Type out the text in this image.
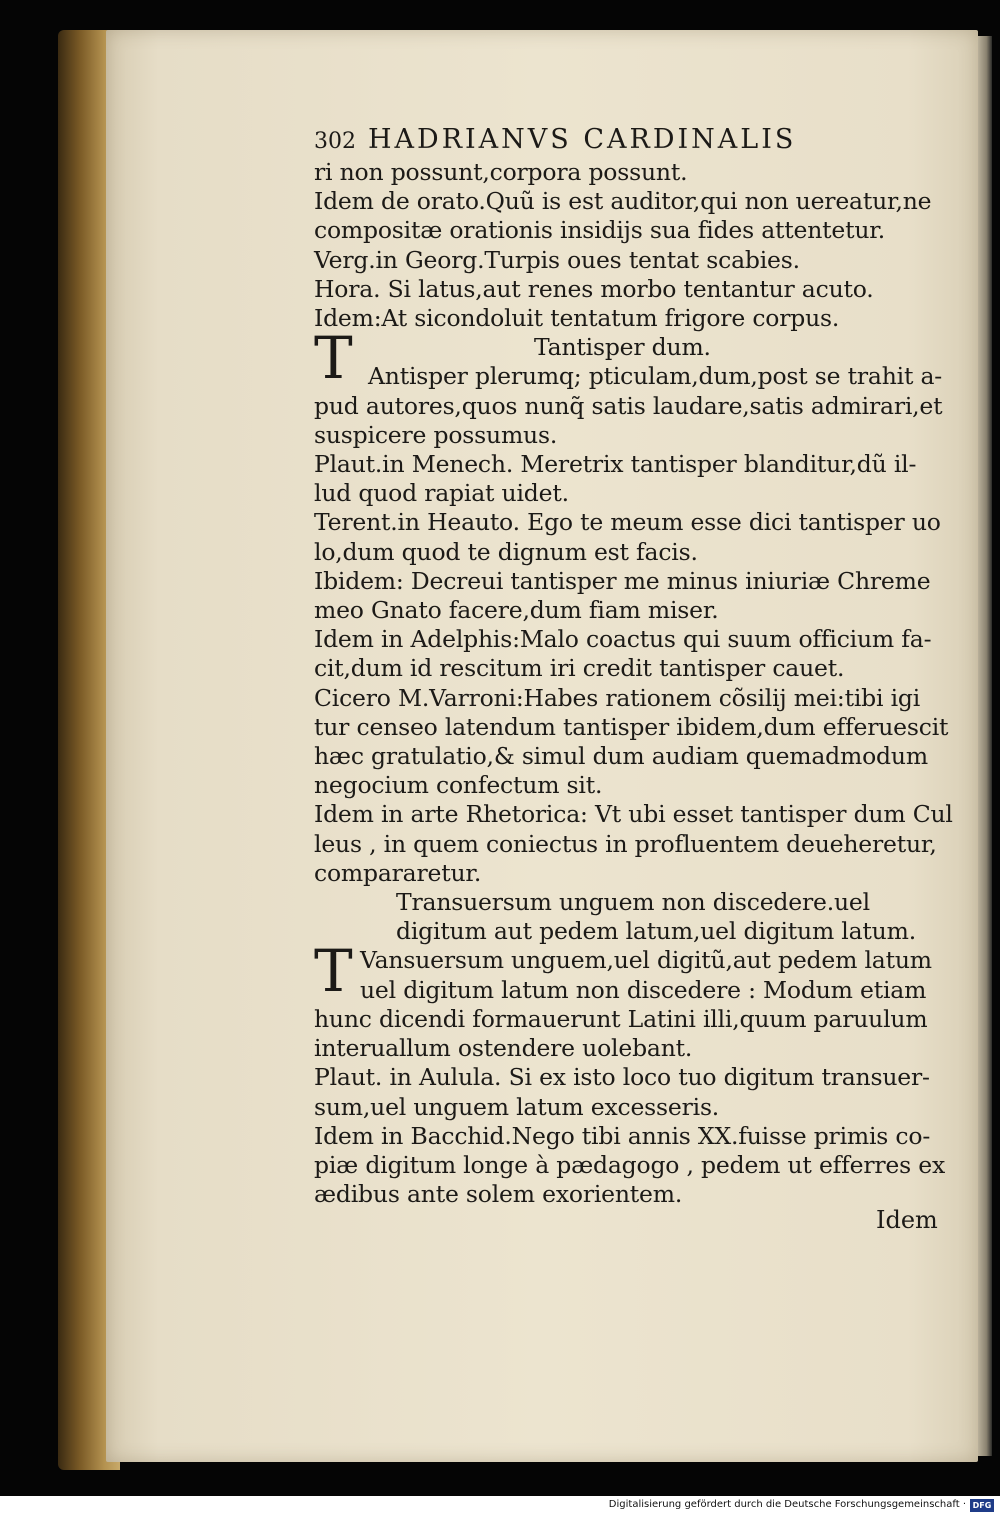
302 HADRIANVS CARDINALIS
ri non possunt,corpora possunt.
Idem de orato.Quũ is est auditor,qui non uereatur,ne
compositæ orationis insidijs sua fides attentetur.
Verg.in Georg.Turpis oues tentat scabies.
Hora. Si latus,aut renes morbo tentantur acuto.
Idem:At sicondoluit tentatum frigore corpus.
T	Tantisper dum.
Antisper plerumq; pticulam,dum,post se trahit a-
pud autores,quos nunq̃ satis laudare,satis admirari,et
suspicere possumus.
Plaut.in Menech. Meretrix tantisper blanditur,dũ il-
lud quod rapiat uidet.
Terent.in Heauto. Ego te meum esse dici tantisper uo
lo,dum quod te dignum est facis.
Ibidem: Decreui tantisper me minus iniuriæ Chreme
meo Gnato facere,dum fiam miser.
Idem in Adelphis:Malo coactus qui suum officium fa-
cit,dum id rescitum iri credit tantisper cauet.
Cicero M.Varroni:Habes rationem cõsilij mei:tibi igi
tur censeo latendum tantisper ibidem,dum efferuescit
hæc gratulatio,& simul dum audiam quemadmodum
negocium confectum sit.
Idem in arte Rhetorica: Vt ubi esset tantisper dum Cul
leus , in quem coniectus in profluentem deueheretur,
compararetur.
Transuersum unguem non discedere.uel
digitum aut pedem latum,uel digitum latum.
T Vansuersum unguem,uel digitũ,aut pedem latum
uel digitum latum non discedere : Modum etiam
hunc dicendi formauerunt Latini illi,quum paruulum
interuallum ostendere uolebant.
Plaut. in Aulula. Si ex isto loco tuo digitum transuer-
sum,uel unguem latum excesseris.
Idem in Bacchid.Nego tibi annis XX.fuisse primis co-
piæ digitum longe à pædagogo , pedem ut efferres ex
ædibus ante solem exorientem.
Idem
Digitalisierung gefördert durch die Deutsche Forschungsgemeinschaft · DFG
